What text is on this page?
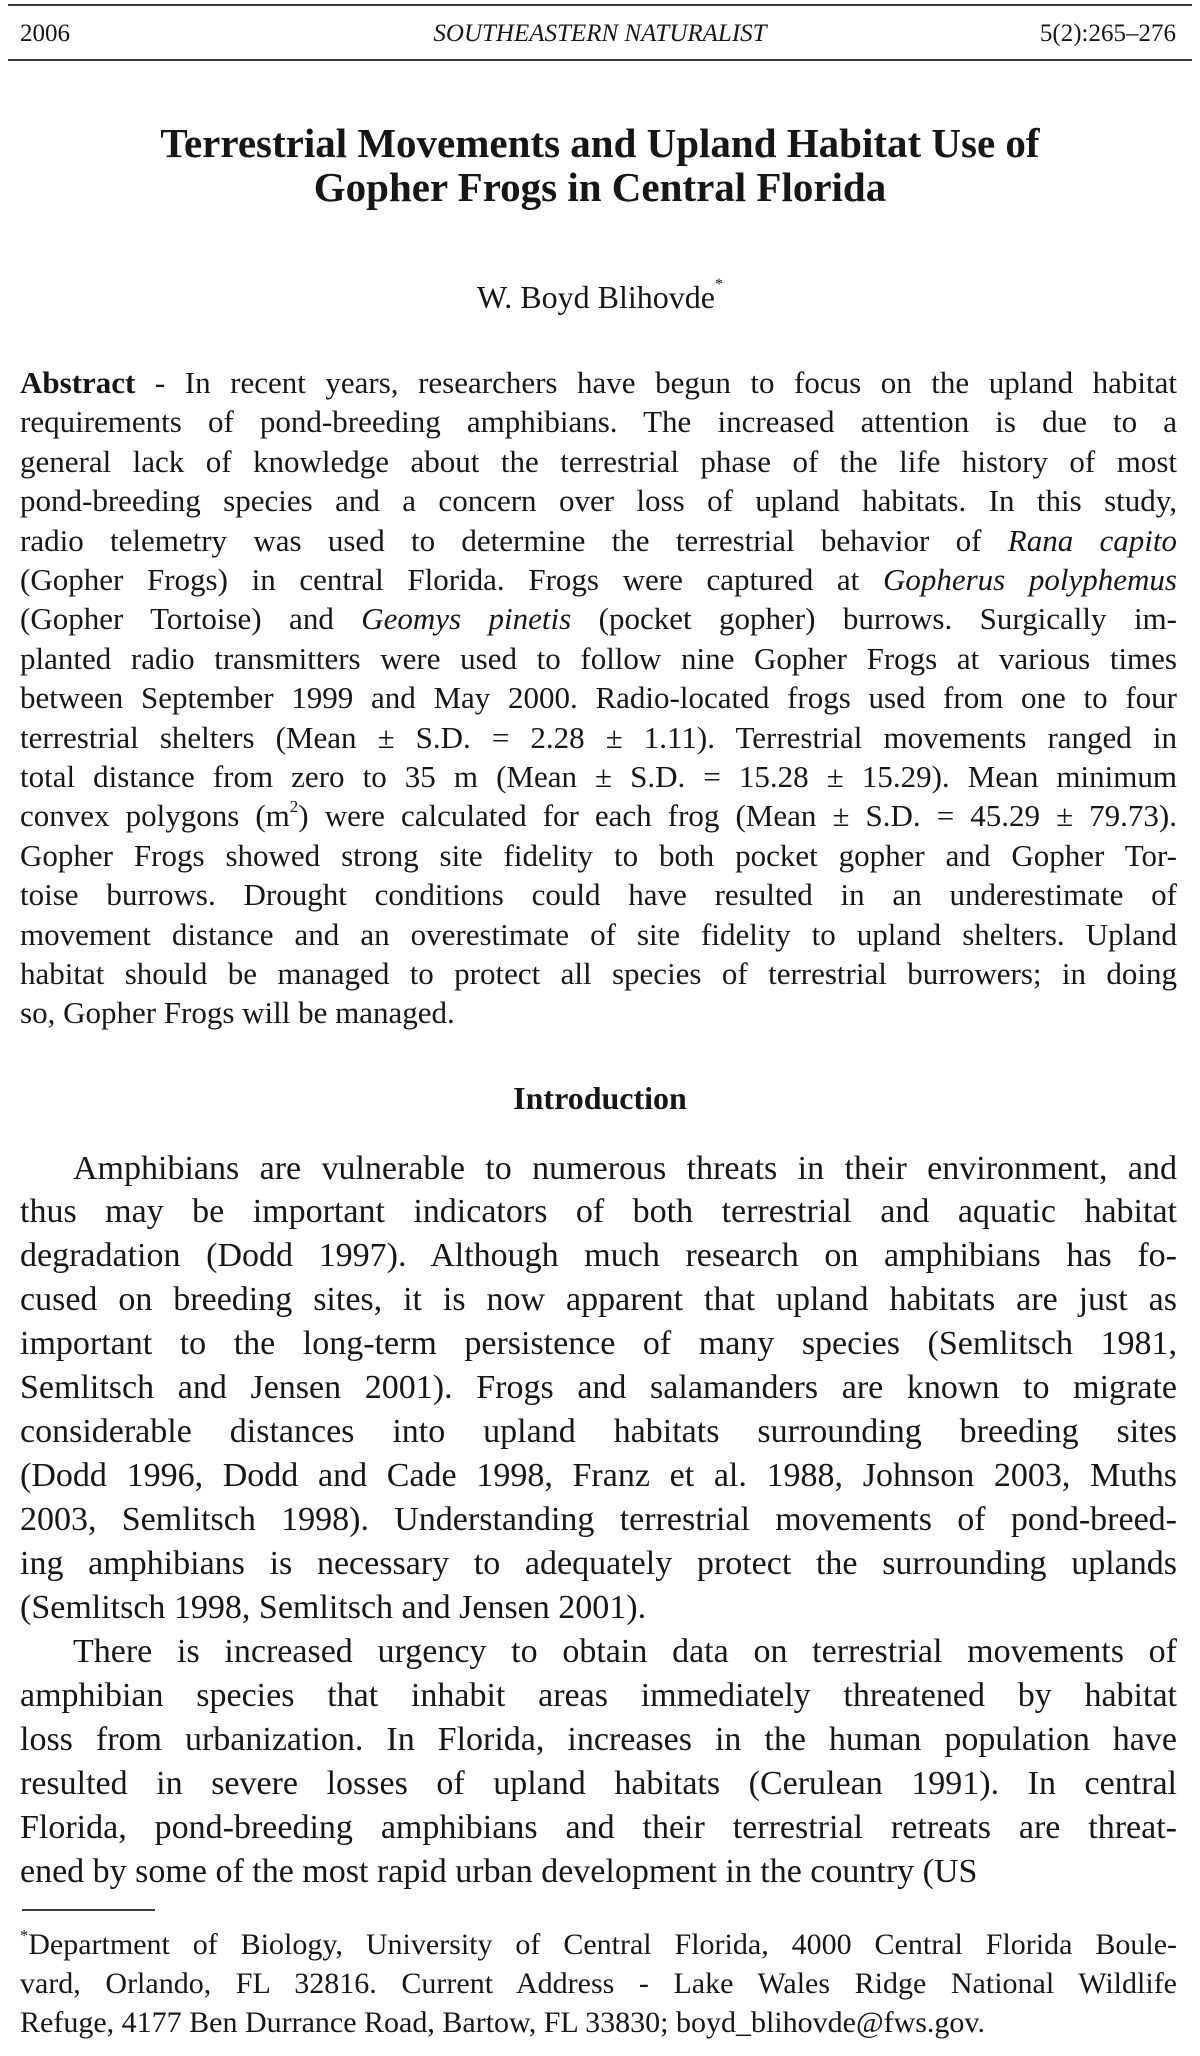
2006	SOUTHEASTERN NATURALIST	5(2):265–276
Terrestrial Movements and Upland Habitat Use of
Gopher Frogs in Central Florida
W. Boyd Blihovde*
Abstract - In recent years, researchers have begun to focus on the upland habitat
requirements of pond-breeding amphibians. The increased attention is due to a
general lack of knowledge about the terrestrial phase of the life history of most
pond-breeding species and a concern over loss of upland habitats. In this study,
radio telemetry was used to determine the terrestrial behavior of Rana capito
(Gopher Frogs) in central Florida. Frogs were captured at Gopherus polyphemus
(Gopher Tortoise) and Geomys pinetis (pocket gopher) burrows. Surgically im-
planted radio transmitters were used to follow nine Gopher Frogs at various times
between September 1999 and May 2000. Radio-located frogs used from one to four
terrestrial shelters (Mean ± S.D. = 2.28 ± 1.11). Terrestrial movements ranged in
total distance from zero to 35 m (Mean ± S.D. = 15.28 ± 15.29). Mean minimum
convex polygons $(m^2)$ were calculated for each frog (Mean ± S.D. = 45.29 ± 79.73).
Gopher Frogs showed strong site fidelity to both pocket gopher and Gopher Tor-
toise burrows. Drought conditions could have resulted in an underestimate of
movement distance and an overestimate of site fidelity to upland shelters. Upland
habitat should be managed to protect all species of terrestrial burrowers; in doing
so, Gopher Frogs will be managed.
Introduction
Amphibians are vulnerable to numerous threats in their environment, and
thus may be important indicators of both terrestrial and aquatic habitat
degradation (Dodd 1997). Although much research on amphibians has fo-
cused on breeding sites, it is now apparent that upland habitats are just as
important to the long-term persistence of many species (Semlitsch 1981,
Semlitsch and Jensen 2001). Frogs and salamanders are known to migrate
considerable distances into upland habitats surrounding breeding sites
(Dodd 1996, Dodd and Cade 1998, Franz et al. 1988, Johnson 2003, Muths
2003, Semlitsch 1998). Understanding terrestrial movements of pond-breed-
ing amphibians is necessary to adequately protect the surrounding uplands
(Semlitsch 1998, Semlitsch and Jensen 2001).
There is increased urgency to obtain data on terrestrial movements of
amphibian species that inhabit areas immediately threatened by habitat
loss from urbanization. In Florida, increases in the human population have
resulted in severe losses of upland habitats (Cerulean 1991). In central
Florida, pond-breeding amphibians and their terrestrial retreats are threat-
ened by some of the most rapid urban development in the country (US
*Department of Biology, University of Central Florida, 4000 Central Florida Boule-
vard, Orlando, FL 32816. Current Address - Lake Wales Ridge National Wildlife
Refuge, 4177 Ben Durrance Road, Bartow, FL 33830; boyd_blihovde@fws.gov.
